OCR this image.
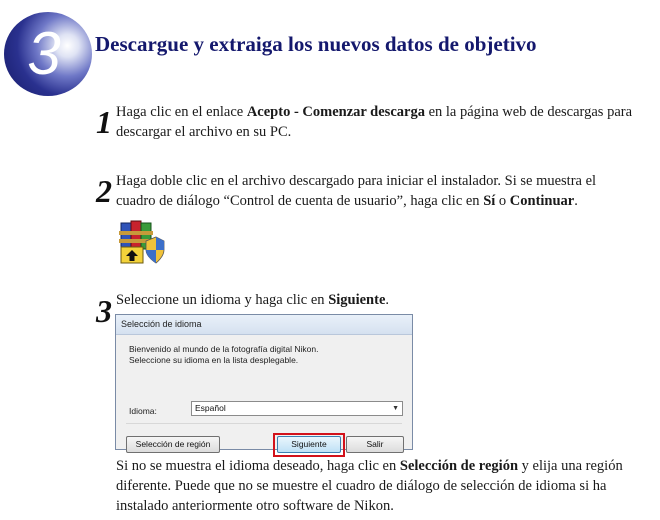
3	Descargue y extraiga los nuevos datos de objetivo
1 Haga clic en el enlace Acepto - Comenzar descarga en la página web de descargas para descargar el archivo en su PC.
2 Haga doble clic en el archivo descargado para iniciar el instalador. Si se muestra el cuadro de diálogo “Control de cuenta de usuario”, haga clic en Sí o Continuar.
3 Seleccione un idioma y haga clic en Siguiente.
Selección de idioma
Bienvenido al mundo de la fotografía digital Nikon.
Seleccione su idioma en la lista desplegable.
Idioma:	Español	▼
Selección de región	Siguiente	Salir
Si no se muestra el idioma deseado, haga clic en Selección de región y elija una región diferente. Puede que no se muestre el cuadro de diálogo de selección de idioma si ha instalado anteriormente otro software de Nikon.
